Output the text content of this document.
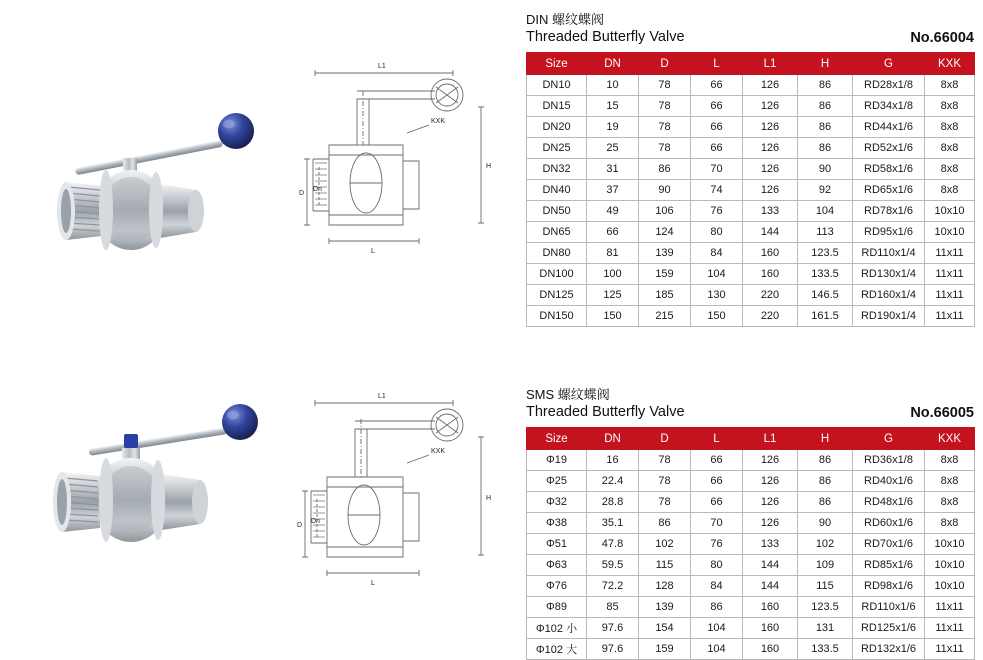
L1
KXK
H
D
Dn
L
DIN 螺纹蝶阀
Threaded Butterfly Valve	No.66004
Size	DN	D	L	L1	H	G	KXK
DN10	10	78	66	126	86	RD28x1/8	8x8
DN15	15	78	66	126	86	RD34x1/8	8x8
DN20	19	78	66	126	86	RD44x1/6	8x8
DN25	25	78	66	126	86	RD52x1/6	8x8
DN32	31	86	70	126	90	RD58x1/6	8x8
DN40	37	90	74	126	92	RD65x1/6	8x8
DN50	49	106	76	133	104	RD78x1/6	10x10
DN65	66	124	80	144	113	RD95x1/6	10x10
DN80	81	139	84	160	123.5	RD110x1/4	11x11
DN100	100	159	104	160	133.5	RD130x1/4	11x11
DN125	125	185	130	220	146.5	RD160x1/4	11x11
DN150	150	215	150	220	161.5	RD190x1/4	11x11
L1
KXK
H
D
Dn
L
SMS 螺纹蝶阀
Threaded Butterfly Valve	No.66005
Size	DN	D	L	L1	H	G	KXK
Φ19	16	78	66	126	86	RD36x1/8	8x8
Φ25	22.4	78	66	126	86	RD40x1/6	8x8
Φ32	28.8	78	66	126	86	RD48x1/6	8x8
Φ38	35.1	86	70	126	90	RD60x1/6	8x8
Φ51	47.8	102	76	133	102	RD70x1/6	10x10
Φ63	59.5	115	80	144	109	RD85x1/6	10x10
Φ76	72.2	128	84	144	115	RD98x1/6	10x10
Φ89	85	139	86	160	123.5	RD110x1/6	11x11
Φ102 小	97.6	154	104	160	131	RD125x1/6	11x11
Φ102 大	97.6	159	104	160	133.5	RD132x1/6	11x11
